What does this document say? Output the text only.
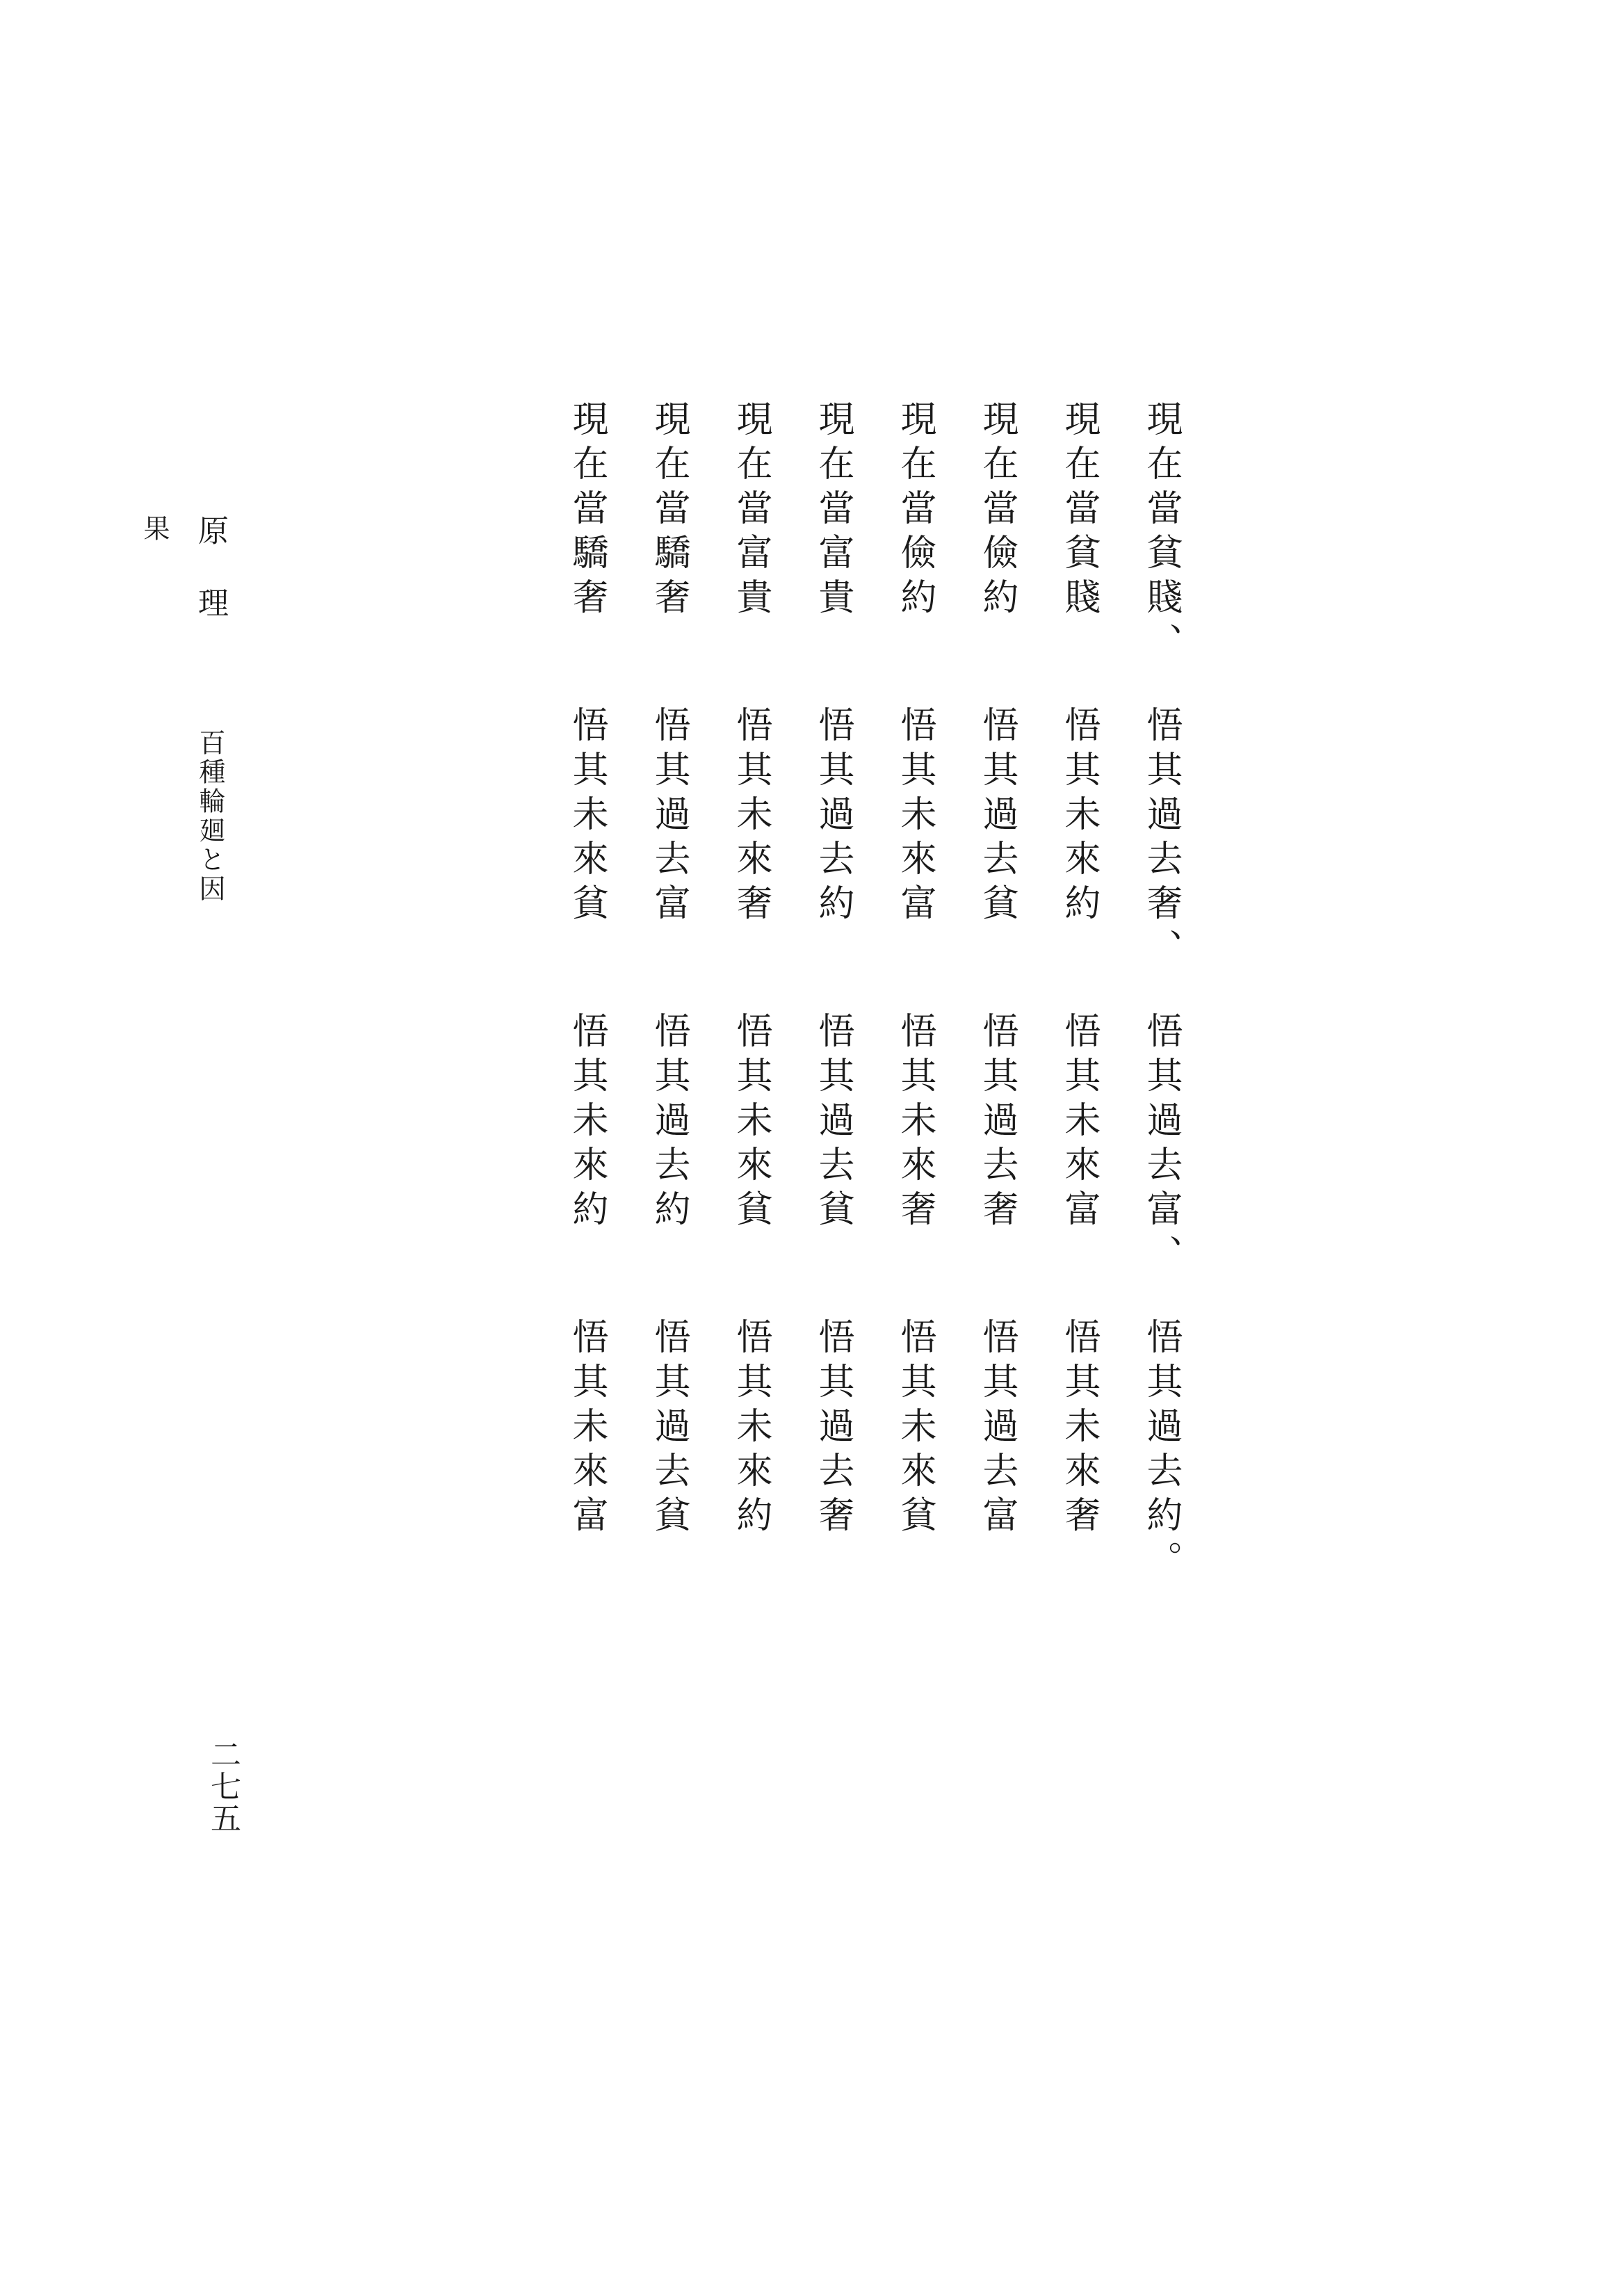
原理 百種輪廻と因果	現在當貧賤、
悟其過去奢、
悟其過去富、
悟其過去約。
現在當貧賤
悟其未來約
悟其未來富
悟其未來奢
現在當儉約
悟其過去貧
悟其過去奢
悟其過去富
現在當儉約
悟其未來富
悟其未來奢
悟其未來貧
現在當富貴
悟其過去約
悟其過去貧
悟其過去奢
現在當富貴
悟其未來奢
悟其未來貧
悟其未來約
現在當驕奢
悟其過去富
悟其過去約
悟其過去貧
現在當驕奢
悟其未來貧
悟其未來約
悟其未來富
二七五
